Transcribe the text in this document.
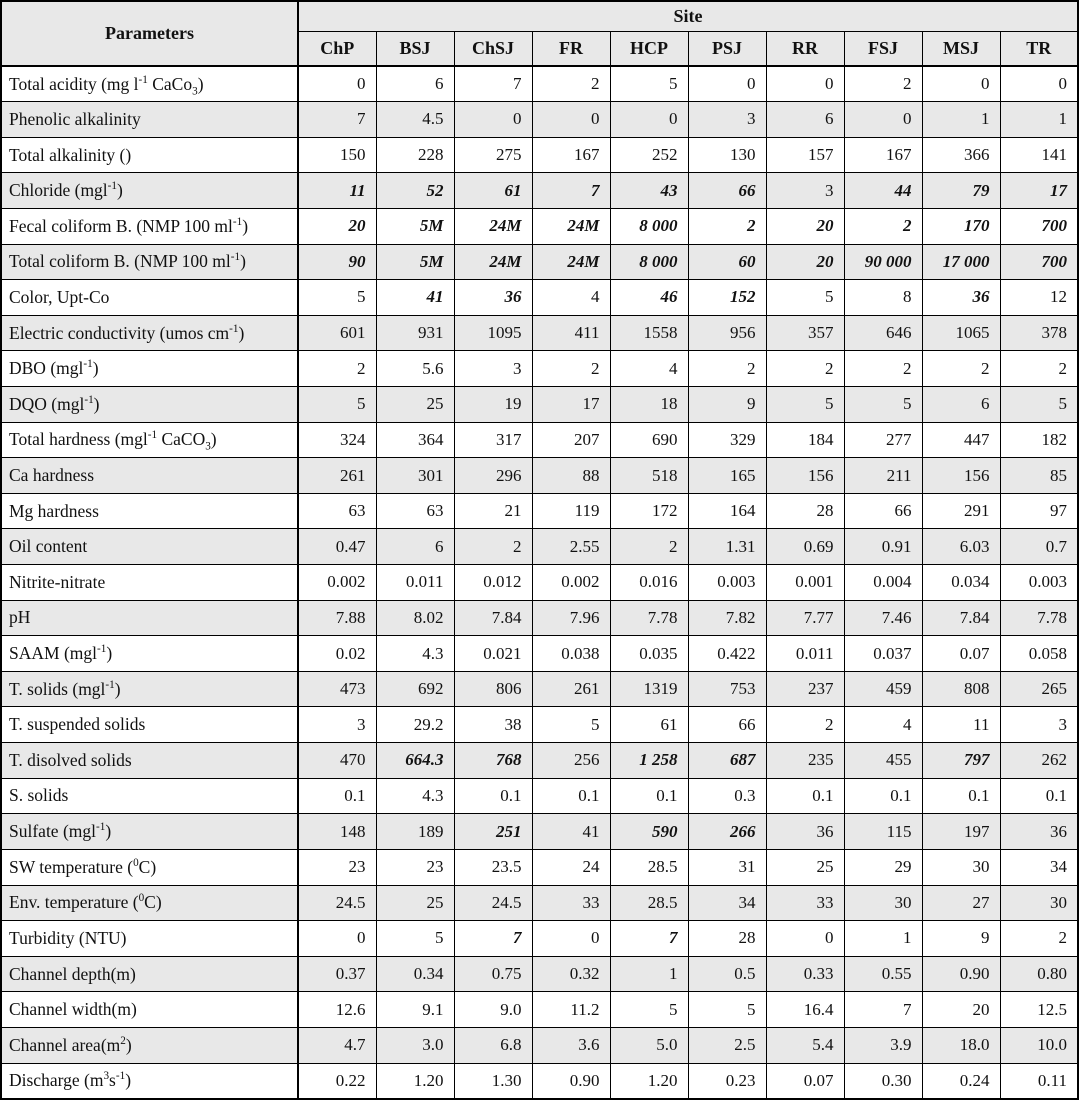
Parameters	Site									
	ChP	BSJ	ChSJ	FR	HCP	PSJ	RR	FSJ	MSJ	TR
Total acidity (mg $l^{-1}$ CaCo$_3$)	0	6	7	2	5	0	0	2	0	0
Phenolic alkalinity	7	4.5	0	0	0	3	6	0	1	1
Total alkalinity ()	150	228	275	167	252	130	157	167	366	141
Chloride (mgl$^{-1}$)	11	52	61	7	43	66	3	44	79	17
Fecal coliform B. (NMP 100 $ml^{-1}$)	20	5M	24M	24M	8 000	2	20	2	170	700
Total coliform B. (NMP 100 $ml^{-1}$)	90	5M	24M	24M	8 000	60	20	90 000	17 000	700
Color, Upt-Co	5	41	36	4	46	152	5	8	36	12
Electric conductivity (umos $cm^{-1}$)	601	931	1095	411	1558	956	357	646	1065	378
DBO (mgl$^{-1}$)	2	5.6	3	2	4	2	2	2	2	2
DQO (mgl$^{-1}$)	5	25	19	17	18	9	5	5	6	5
Total hardness (mgl$^{-1}$ CaCO$_3$)	324	364	317	207	690	329	184	277	447	182
Ca hardness	261	301	296	88	518	165	156	211	156	85
Mg hardness	63	63	21	119	172	164	28	66	291	97
Oil content	0.47	6	2	2.55	2	1.31	0.69	0.91	6.03	0.7
Nitrite-nitrate	0.002	0.011	0.012	0.002	0.016	0.003	0.001	0.004	0.034	0.003
pH	7.88	8.02	7.84	7.96	7.78	7.82	7.77	7.46	7.84	7.78
SAAM (mgl$^{-1}$)	0.02	4.3	0.021	0.038	0.035	0.422	0.011	0.037	0.07	0.058
T. solids (mgl$^{-1}$)	473	692	806	261	1319	753	237	459	808	265
T. suspended solids	3	29.2	38	5	61	66	2	4	11	3
T. disolved solids	470	664.3	768	256	1 258	687	235	455	797	262
S. solids	0.1	4.3	0.1	0.1	0.1	0.3	0.1	0.1	0.1	0.1
Sulfate (mgl$^{-1}$)	148	189	251	41	590	266	36	115	197	36
SW temperature ($^0$C)	23	23	23.5	24	28.5	31	25	29	30	34
Env. temperature ($^0$C)	24.5	25	24.5	33	28.5	34	33	30	27	30
Turbidity (NTU)	0	5	7	0	7	28	0	1	9	2
Channel depth(m)	0.37	0.34	0.75	0.32	1	0.5	0.33	0.55	0.90	0.80
Channel width(m)	12.6	9.1	9.0	11.2	5	5	16.4	7	20	12.5
Channel $area(m^2)$	4.7	3.0	6.8	3.6	5.0	2.5	5.4	3.9	18.0	10.0
Discharge $(m^3s^{-1})$	0.22	1.20	1.30	0.90	1.20	0.23	0.07	0.30	0.24	0.11
